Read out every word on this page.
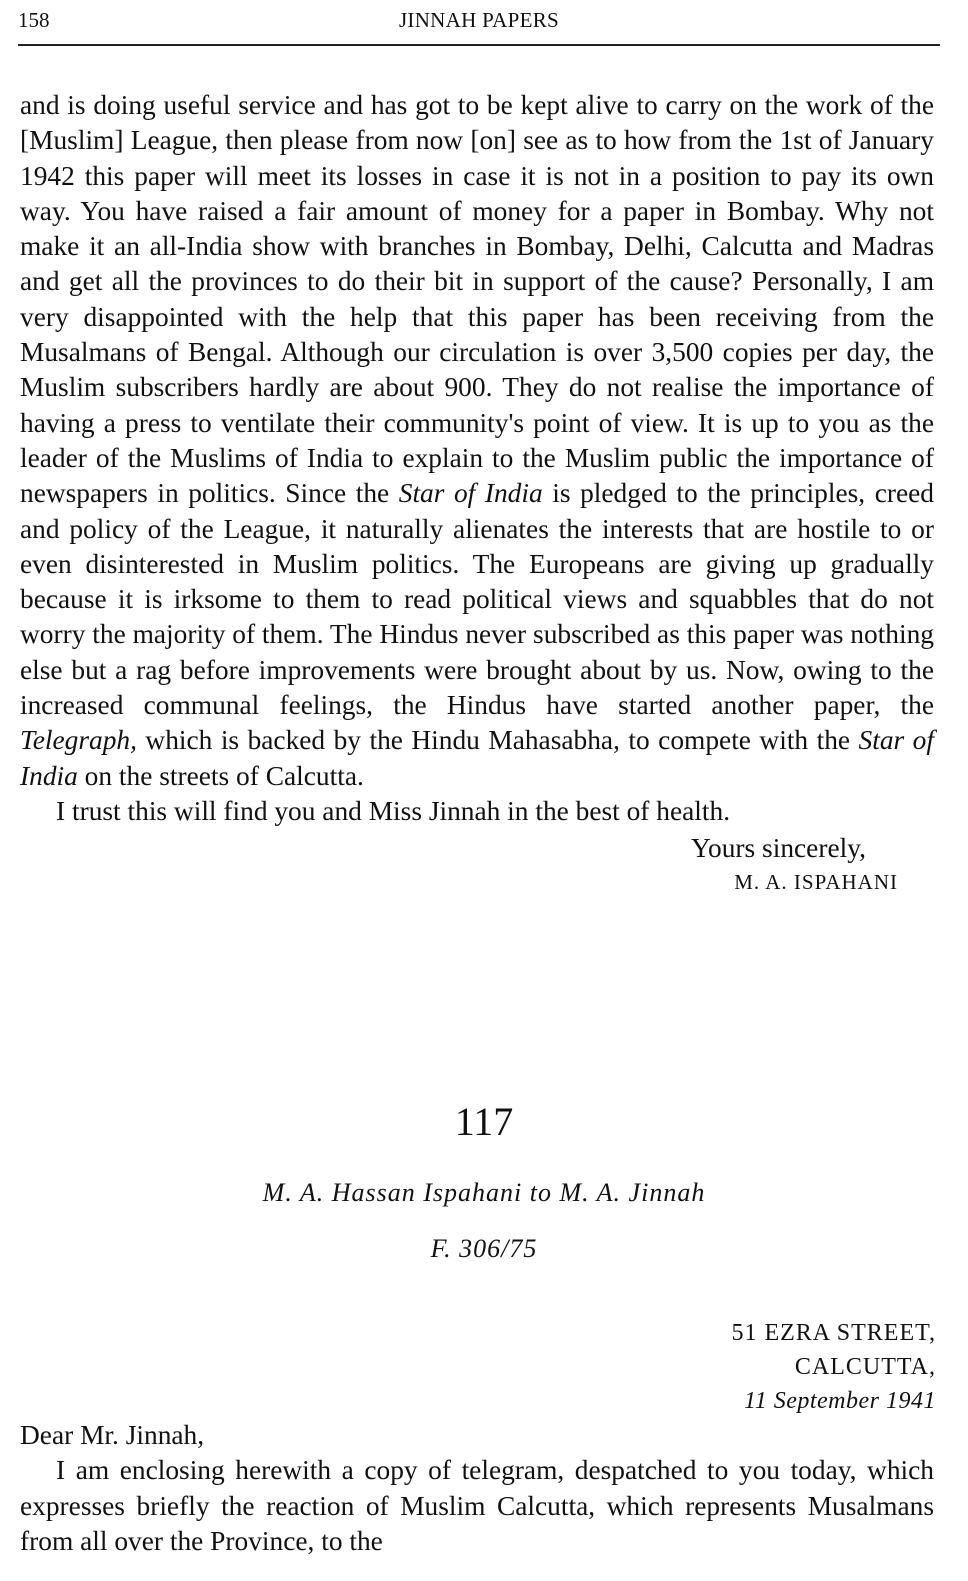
158	JINNAH PAPERS

and is doing useful service and has got to be kept alive to carry on the work of the [Muslim] League, then please from now [on] see as to how from the 1st of January 1942 this paper will meet its losses in case it is not in a position to pay its own way. You have raised a fair amount of money for a paper in Bombay. Why not make it an all-India show with branches in Bombay, Delhi, Calcutta and Madras and get all the provinces to do their bit in support of the cause? Personally, I am very disappointed with the help that this paper has been receiving from the Musalmans of Bengal. Although our circulation is over 3,500 copies per day, the Muslim subscribers hardly are about 900. They do not realise the importance of having a press to ventilate their community's point of view. It is up to you as the leader of the Muslims of India to explain to the Muslim public the importance of newspapers in politics. Since the Star of India is pledged to the principles, creed and policy of the League, it naturally alienates the interests that are hostile to or even disinterested in Muslim politics. The Europeans are giving up gradually because it is irksome to them to read political views and squabbles that do not worry the majority of them. The Hindus never subscribed as this paper was nothing else but a rag before improvements were brought about by us. Now, owing to the increased communal feelings, the Hindus have started another paper, the Telegraph, which is backed by the Hindu Mahasabha, to compete with the Star of India on the streets of Calcutta.

I trust this will find you and Miss Jinnah in the best of health.

Yours sincerely,

M. A. ISPAHANI

117
M. A. Hassan Ispahani to M. A. Jinnah
F. 306/75
51 EZRA STREET,
CALCUTTA,
11 September 1941

Dear Mr. Jinnah,

I am enclosing herewith a copy of telegram, despatched to you today, which expresses briefly the reaction of Muslim Calcutta, which represents Musalmans from all over the Province, to the
